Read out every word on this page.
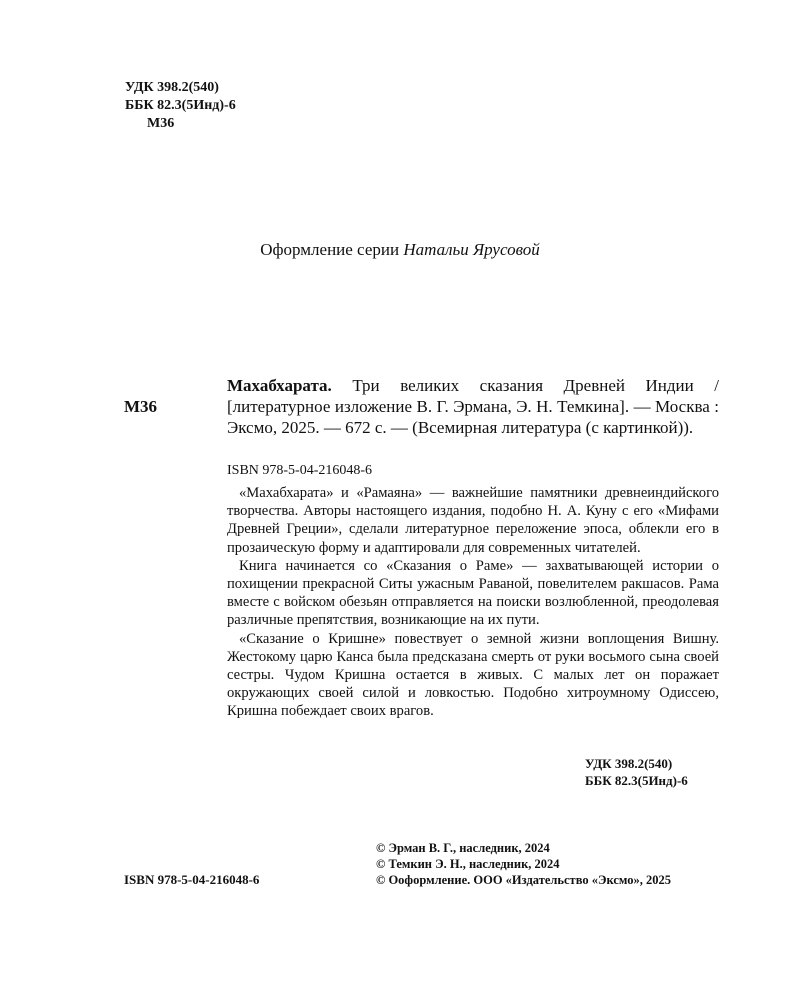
УДК 398.2(540)
ББК 82.3(5Инд)-6
М36
Оформление серии Натальи Ярусовой
М36
Махабхарата. Три великих сказания Древней Индии / [литературное изложение В. Г. Эрмана, Э. Н. Темкина]. — Москва : Эксмо, 2025. — 672 с. — (Всемирная литература (с картинкой)).
ISBN 978-5-04-216048-6

«Махабхарата» и «Рамаяна» — важнейшие памятники древнеиндийского творчества. Авторы настоящего издания, подобно Н. А. Куну с его «Мифами Древней Греции», сделали литературное переложение эпоса, облекли его в прозаическую форму и адаптировали для современных читателей.

Книга начинается со «Сказания о Раме» — захватывающей истории о похищении прекрасной Ситы ужасным Раваной, повелителем ракшасов. Рама вместе с войском обезьян отправляется на поиски возлюбленной, преодолевая различные препятствия, возникающие на их пути.

«Сказание о Кришне» повествует о земной жизни воплощения Вишну. Жестокому царю Канса была предсказана смерть от руки восьмого сына своей сестры. Чудом Кришна остается в живых. С малых лет он поражает окружающих своей силой и ловкостью. Подобно хитроумному Одиссею, Кришна побеждает своих врагов.

УДК 398.2(540)
ББК 82.3(5Инд)-6
© Эрман В. Г., наследник, 2024
© Темкин Э. Н., наследник, 2024
© Ооформление. ООО «Издательство «Эксмо», 2025
ISBN 978-5-04-216048-6
